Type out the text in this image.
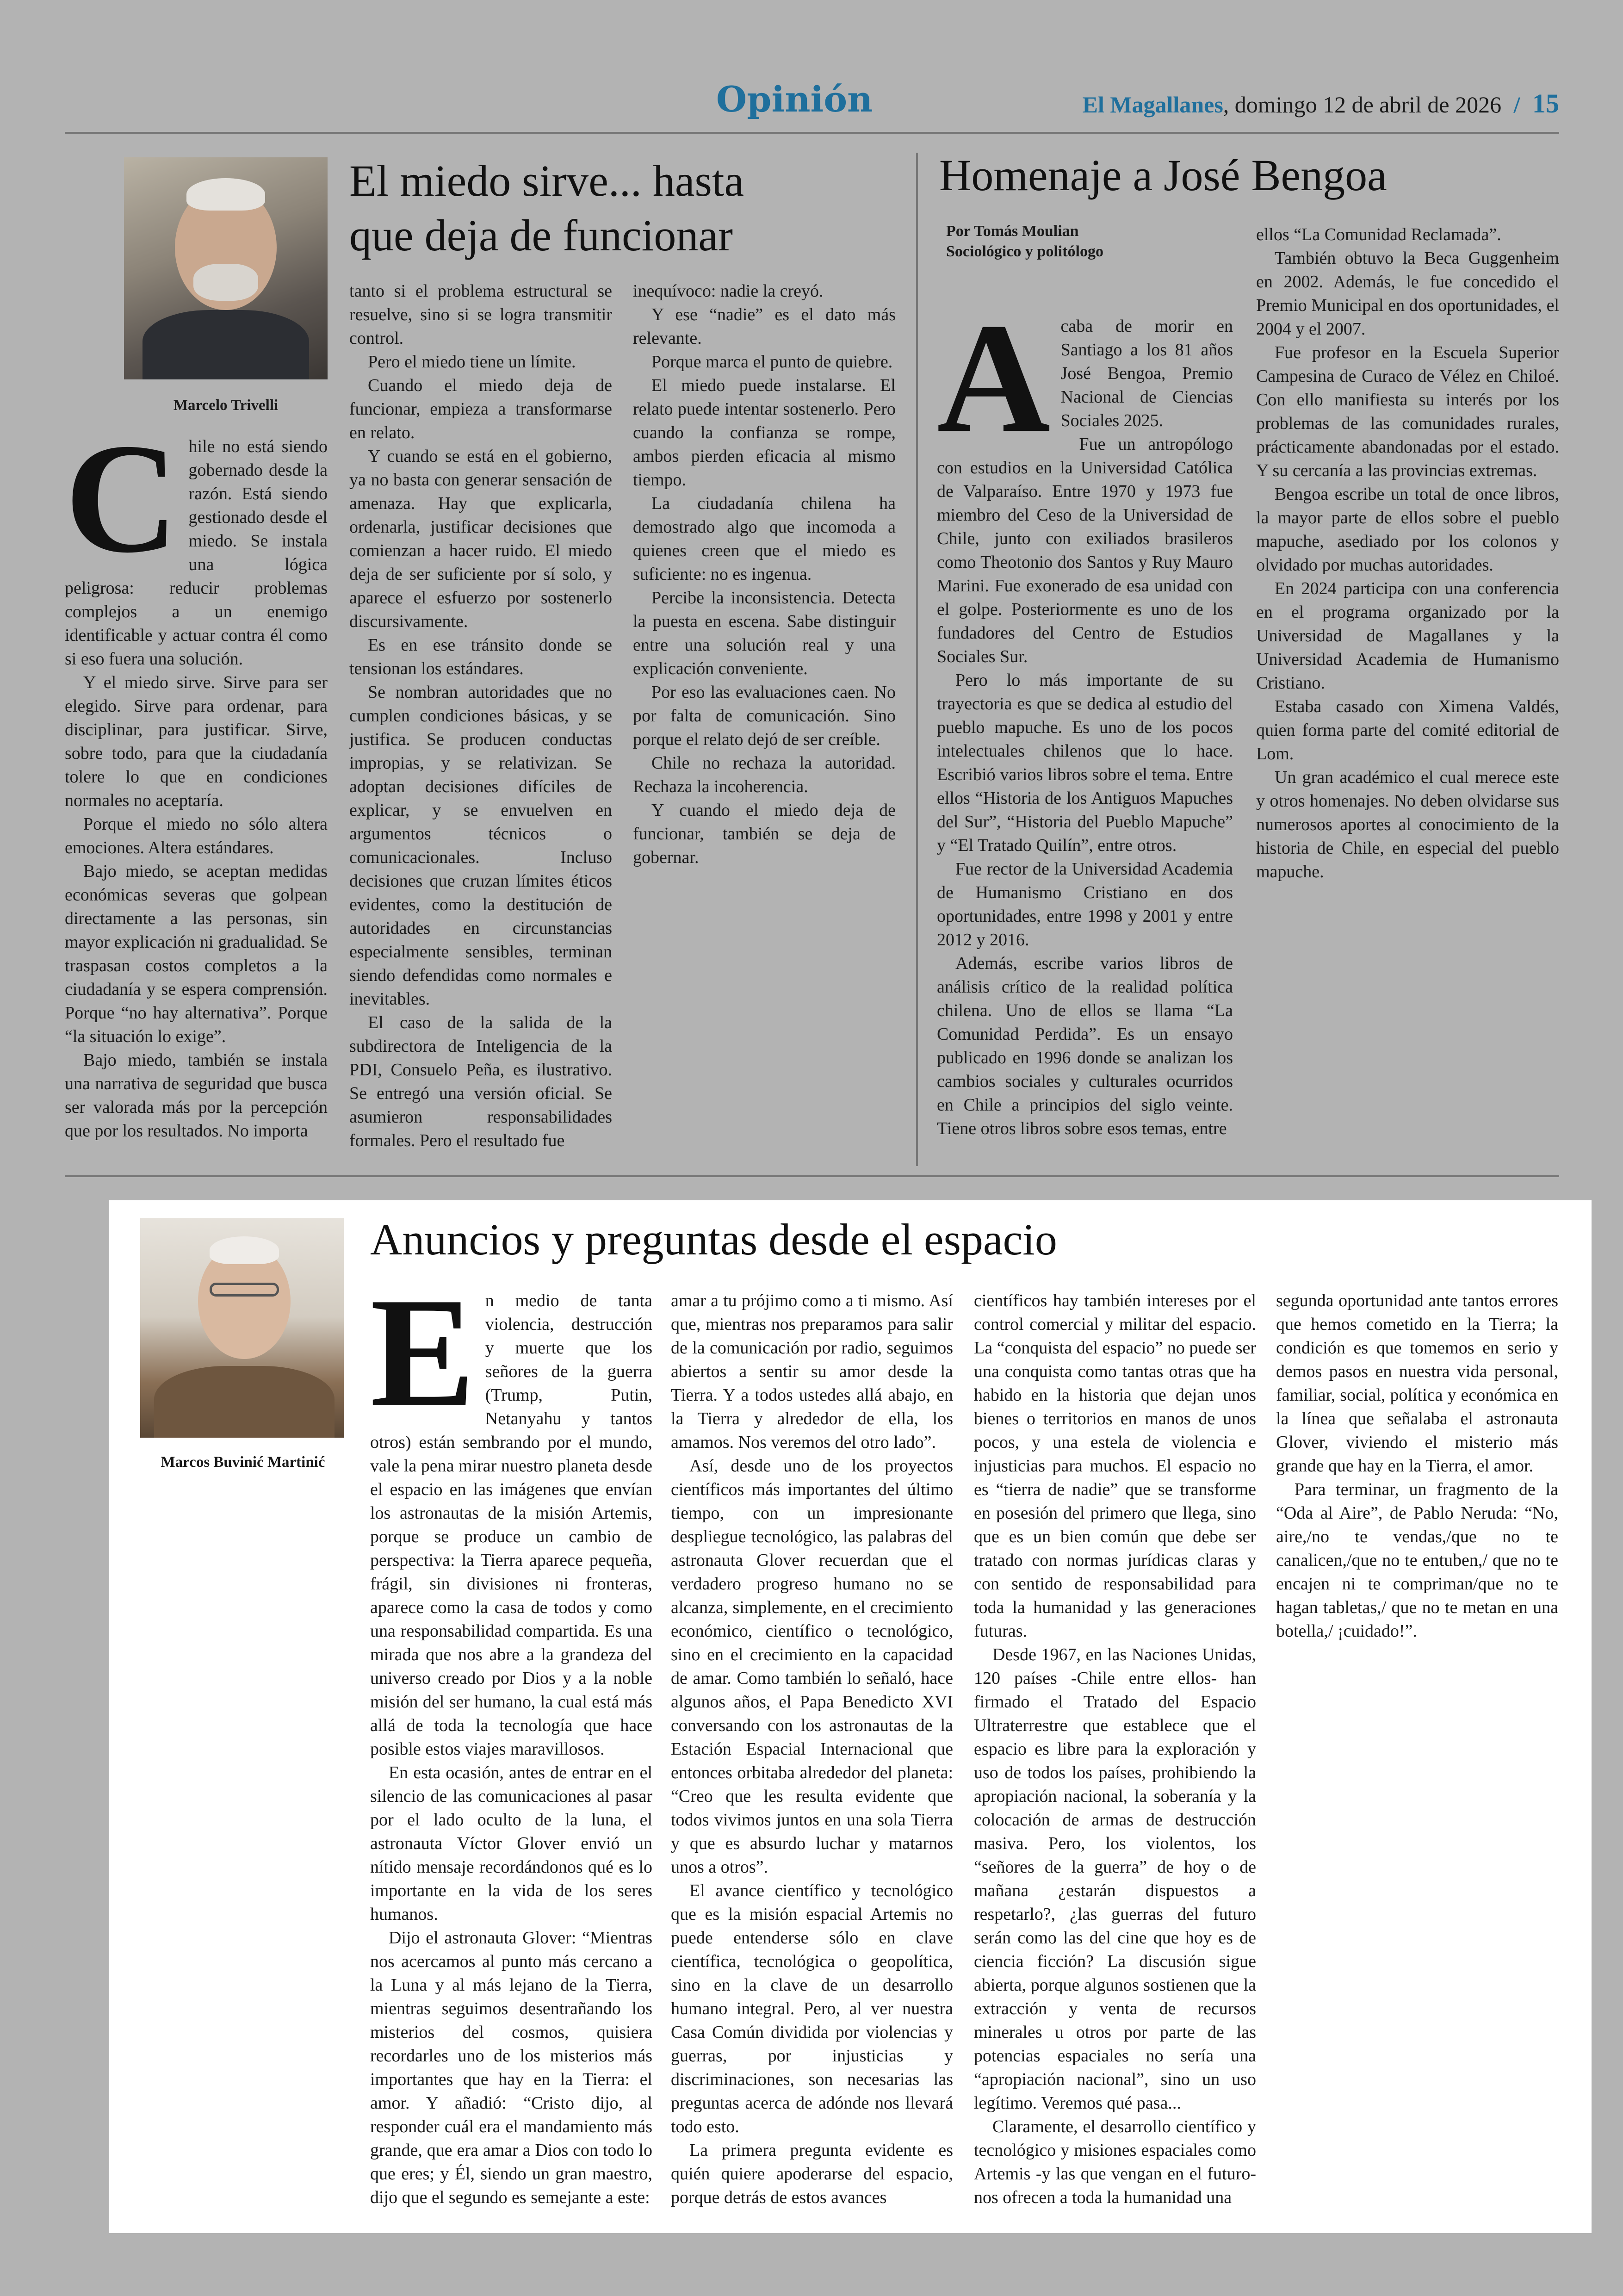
Opinión	El Magallanes, domingo 12 de abril de 2026 / 15
Marcelo Trivelli
El miedo sirve... hasta
que deja de funcionar
C hile no está siendo gobernado desde la razón. Está siendo gestionado desde el miedo. Se instala una lógica peligrosa: reducir problemas complejos a un enemigo identificable y actuar contra él como si eso fuera una solución.

Y el miedo sirve. Sirve para ser elegido. Sirve para ordenar, para disciplinar, para justificar. Sirve, sobre todo, para que la ciudadanía tolere lo que en condiciones normales no aceptaría.

Porque el miedo no sólo altera emociones. Altera estándares.

Bajo miedo, se aceptan medidas económicas severas que golpean directamente a las personas, sin mayor explicación ni gradualidad. Se traspasan costos completos a la ciudadanía y se espera comprensión. Porque “no hay alternativa”. Porque “la situación lo exige”.

Bajo miedo, también se instala una narrativa de seguridad que busca ser valorada más por la percepción que por los resultados. No importa

tanto si el problema estructural se resuelve, sino si se logra transmitir control.

Pero el miedo tiene un límite.

Cuando el miedo deja de funcionar, empieza a transformarse en relato.

Y cuando se está en el gobierno, ya no basta con generar sensación de amenaza. Hay que explicarla, ordenarla, justificar decisiones que comienzan a hacer ruido. El miedo deja de ser suficiente por sí solo, y aparece el esfuerzo por sostenerlo discursivamente.

Es en ese tránsito donde se tensionan los estándares.

Se nombran autoridades que no cumplen condiciones básicas, y se justifica. Se producen conductas impropias, y se relativizan. Se adoptan decisiones difíciles de explicar, y se envuelven en argumentos técnicos o comunicacionales. Incluso decisiones que cruzan límites éticos evidentes, como la destitución de autoridades en circunstancias especialmente sensibles, terminan siendo defendidas como normales e inevitables.

El caso de la salida de la subdirectora de Inteligencia de la PDI, Consuelo Peña, es ilustrativo. Se entregó una versión oficial. Se asumieron responsabilidades formales. Pero el resultado fue

inequívoco: nadie la creyó.

Y ese “nadie” es el dato más relevante.

Porque marca el punto de quiebre.

El miedo puede instalarse. El relato puede intentar sostenerlo. Pero cuando la confianza se rompe, ambos pierden eficacia al mismo tiempo.

La ciudadanía chilena ha demostrado algo que incomoda a quienes creen que el miedo es suficiente: no es ingenua.

Percibe la inconsistencia. Detecta la puesta en escena. Sabe distinguir entre una solución real y una explicación conveniente.

Por eso las evaluaciones caen. No por falta de comunicación. Sino porque el relato dejó de ser creíble.

Chile no rechaza la autoridad. Rechaza la incoherencia.

Y cuando el miedo deja de funcionar, también se deja de gobernar.

Homenaje a José Bengoa
Por Tomás Moulian
Sociológico y politólogo
A caba de morir en Santiago a los 81 años José Bengoa, Premio Nacional de Ciencias Sociales 2025.

Fue un antropólogo con estudios en la Universidad Católica de Valparaíso. Entre 1970 y 1973 fue miembro del Ceso de la Universidad de Chile, junto con exiliados brasileros como Theotonio dos Santos y Ruy Mauro Marini. Fue exonerado de esa unidad con el golpe. Posteriormente es uno de los fundadores del Centro de Estudios Sociales Sur.

Pero lo más importante de su trayectoria es que se dedica al estudio del pueblo mapuche. Es uno de los pocos intelectuales chilenos que lo hace. Escribió varios libros sobre el tema. Entre ellos “Historia de los Antiguos Mapuches del Sur”, “Historia del Pueblo Mapuche” y “El Tratado Quilín”, entre otros.

Fue rector de la Universidad Academia de Humanismo Cristiano en dos oportunidades, entre 1998 y 2001 y entre 2012 y 2016.

Además, escribe varios libros de análisis crítico de la realidad política chilena. Uno de ellos se llama “La Comunidad Perdida”. Es un ensayo publicado en 1996 donde se analizan los cambios sociales y culturales ocurridos en Chile a principios del siglo veinte. Tiene otros libros sobre esos temas, entre

ellos “La Comunidad Reclamada”.

También obtuvo la Beca Guggenheim en 2002. Además, le fue concedido el Premio Municipal en dos oportunidades, el 2004 y el 2007.

Fue profesor en la Escuela Superior Campesina de Curaco de Vélez en Chiloé. Con ello manifiesta su interés por los problemas de las comunidades rurales, prácticamente abandonadas por el estado. Y su cercanía a las provincias extremas.

Bengoa escribe un total de once libros, la mayor parte de ellos sobre el pueblo mapuche, asediado por los colonos y olvidado por muchas autoridades.

En 2024 participa con una conferencia en el programa organizado por la Universidad de Magallanes y la Universidad Academia de Humanismo Cristiano.

Estaba casado con Ximena Valdés, quien forma parte del comité editorial de Lom.

Un gran académico el cual merece este y otros homenajes. No deben olvidarse sus numerosos aportes al conocimiento de la historia de Chile, en especial del pueblo mapuche.

Marcos Buvinić Martinić
Anuncios y preguntas desde el espacio
E n medio de tanta violencia, destrucción y muerte que los señores de la guerra (Trump, Putin, Netanyahu y tantos otros) están sembrando por el mundo, vale la pena mirar nuestro planeta desde el espacio en las imágenes que envían los astronautas de la misión Artemis, porque se produce un cambio de perspectiva: la Tierra aparece pequeña, frágil, sin divisiones ni fronteras, aparece como la casa de todos y como una responsabilidad compartida. Es una mirada que nos abre a la grandeza del universo creado por Dios y a la noble misión del ser humano, la cual está más allá de toda la tecnología que hace posible estos viajes maravillosos.

En esta ocasión, antes de entrar en el silencio de las comunicaciones al pasar por el lado oculto de la luna, el astronauta Víctor Glover envió un nítido mensaje recordándonos qué es lo importante en la vida de los seres humanos.

Dijo el astronauta Glover: “Mientras nos acercamos al punto más cercano a la Luna y al más lejano de la Tierra, mientras seguimos desentrañando los misterios del cosmos, quisiera recordarles uno de los misterios más importantes que hay en la Tierra: el amor. Y añadió: “Cristo dijo, al responder cuál era el mandamiento más grande, que era amar a Dios con todo lo que eres; y Él, siendo un gran maestro, dijo que el segundo es semejante a este:

amar a tu prójimo como a ti mismo. Así que, mientras nos preparamos para salir de la comunicación por radio, seguimos abiertos a sentir su amor desde la Tierra. Y a todos ustedes allá abajo, en la Tierra y alrededor de ella, los amamos. Nos veremos del otro lado”.

Así, desde uno de los proyectos científicos más importantes del último tiempo, con un impresionante despliegue tecnológico, las palabras del astronauta Glover recuerdan que el verdadero progreso humano no se alcanza, simplemente, en el crecimiento económico, científico o tecnológico, sino en el crecimiento en la capacidad de amar. Como también lo señaló, hace algunos años, el Papa Benedicto XVI conversando con los astronautas de la Estación Espacial Internacional que entonces orbitaba alrededor del planeta: “Creo que les resulta evidente que todos vivimos juntos en una sola Tierra y que es absurdo luchar y matarnos unos a otros”.

El avance científico y tecnológico que es la misión espacial Artemis no puede entenderse sólo en clave científica, tecnológica o geopolítica, sino en la clave de un desarrollo humano integral. Pero, al ver nuestra Casa Común dividida por violencias y guerras, por injusticias y discriminaciones, son necesarias las preguntas acerca de adónde nos llevará todo esto.

La primera pregunta evidente es quién quiere apoderarse del espacio, porque detrás de estos avances

científicos hay también intereses por el control comercial y militar del espacio. La “conquista del espacio” no puede ser una conquista como tantas otras que ha habido en la historia que dejan unos bienes o territorios en manos de unos pocos, y una estela de violencia e injusticias para muchos. El espacio no es “tierra de nadie” que se transforme en posesión del primero que llega, sino que es un bien común que debe ser tratado con normas jurídicas claras y con sentido de responsabilidad para toda la humanidad y las generaciones futuras.

Desde 1967, en las Naciones Unidas, 120 países -Chile entre ellos- han firmado el Tratado del Espacio Ultraterrestre que establece que el espacio es libre para la exploración y uso de todos los países, prohibiendo la apropiación nacional, la soberanía y la colocación de armas de destrucción masiva. Pero, los violentos, los “señores de la guerra” de hoy o de mañana ¿estarán dispuestos a respetarlo?, ¿las guerras del futuro serán como las del cine que hoy es de ciencia ficción? La discusión sigue abierta, porque algunos sostienen que la extracción y venta de recursos minerales u otros por parte de las potencias espaciales no sería una “apropiación nacional”, sino un uso legítimo. Veremos qué pasa...

Claramente, el desarrollo científico y tecnológico y misiones espaciales como Artemis -y las que vengan en el futuro- nos ofrecen a toda la humanidad una

segunda oportunidad ante tantos errores que hemos cometido en la Tierra; la condición es que tomemos en serio y demos pasos en nuestra vida personal, familiar, social, política y económica en la línea que señalaba el astronauta Glover, viviendo el misterio más grande que hay en la Tierra, el amor.

Para terminar, un fragmento de la “Oda al Aire”, de Pablo Neruda: “No, aire,/no te vendas,/que no te canalicen,/que no te entuben,/ que no te encajen ni te compriman/que no te hagan tabletas,/ que no te metan en una botella,/ ¡cuidado!”.
